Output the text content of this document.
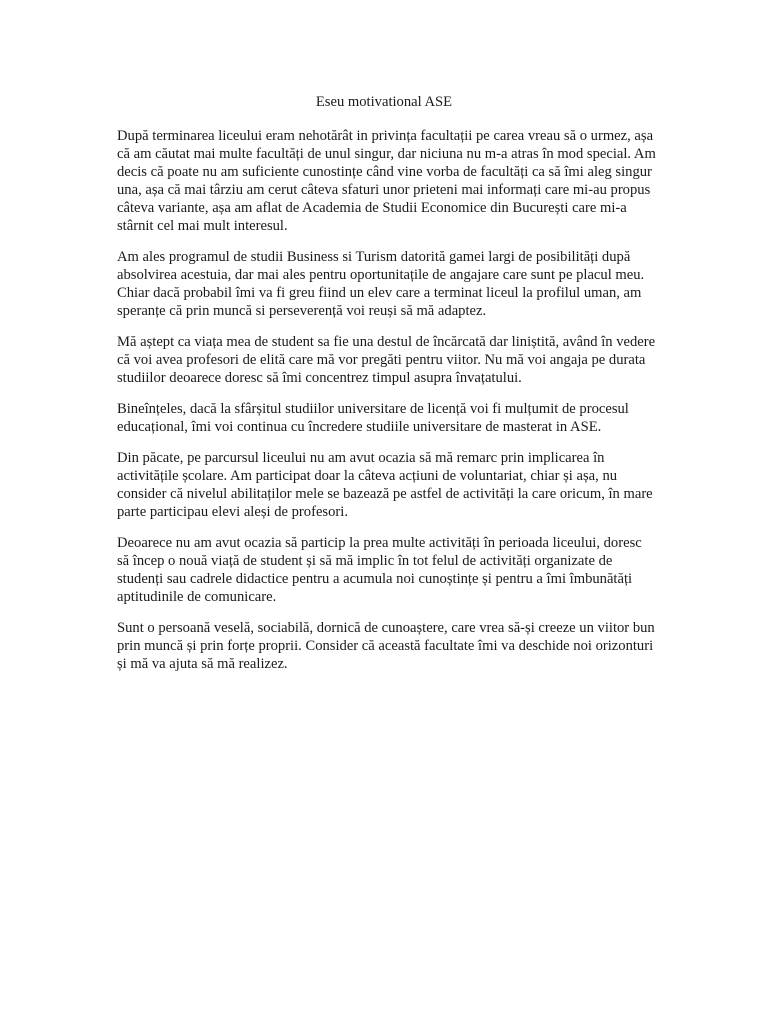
Eseu motivational ASE

După terminarea liceului eram nehotărât in privința facultații pe carea vreau să o urmez, așa că am căutat mai multe facultăți de unul singur, dar niciuna nu m-a atras în mod special. Am decis că poate nu am suficiente cunostințe când vine vorba de facultăți ca să îmi aleg singur una, așa că mai târziu am cerut câteva sfaturi unor prieteni mai informați care mi-au propus câteva variante, așa am aflat de Academia de Studii Economice din București care mi-a stârnit cel mai mult interesul.

Am ales programul de studii Business si Turism datorită gamei largi de posibilități după absolvirea acestuia, dar mai ales pentru oportunitațile de angajare care sunt pe placul meu. Chiar dacă probabil îmi va fi greu fiind un elev care a terminat liceul la profilul uman, am speranțe că prin muncă si perseverență voi reuși să mă adaptez.

Mă aștept ca viața mea de student sa fie una destul de încărcată dar liniștită, având în vedere că voi avea profesori de elită care mă vor pregăti pentru viitor. Nu mă voi angaja pe durata studiilor deoarece doresc să îmi concentrez timpul asupra învațatului.

Bineînțeles, dacă la sfârșitul studiilor universitare de licență voi fi mulțumit de procesul educațional, îmi voi continua cu încredere studiile universitare de masterat in ASE.

Din păcate, pe parcursul liceului nu am avut ocazia să mă remarc prin implicarea în activitățile școlare. Am participat doar la câteva acțiuni de voluntariat, chiar și așa, nu consider că nivelul abilitaților mele se bazează pe astfel de activități la care oricum, în mare parte participau elevi aleși de profesori.

Deoarece nu am avut ocazia să particip la prea multe activități în perioada liceului, doresc să încep o nouă viață de student și să mă implic în tot felul de activități organizate de studenți sau cadrele didactice pentru a acumula noi cunoștințe și pentru a îmi îmbunătăți aptitudinile de comunicare.

Sunt o persoană veselă, sociabilă, dornică de cunoaștere, care vrea să-și creeze un viitor bun prin muncă și prin forțe proprii. Consider că această facultate îmi va deschide noi orizonturi și mă va ajuta să mă realizez.
